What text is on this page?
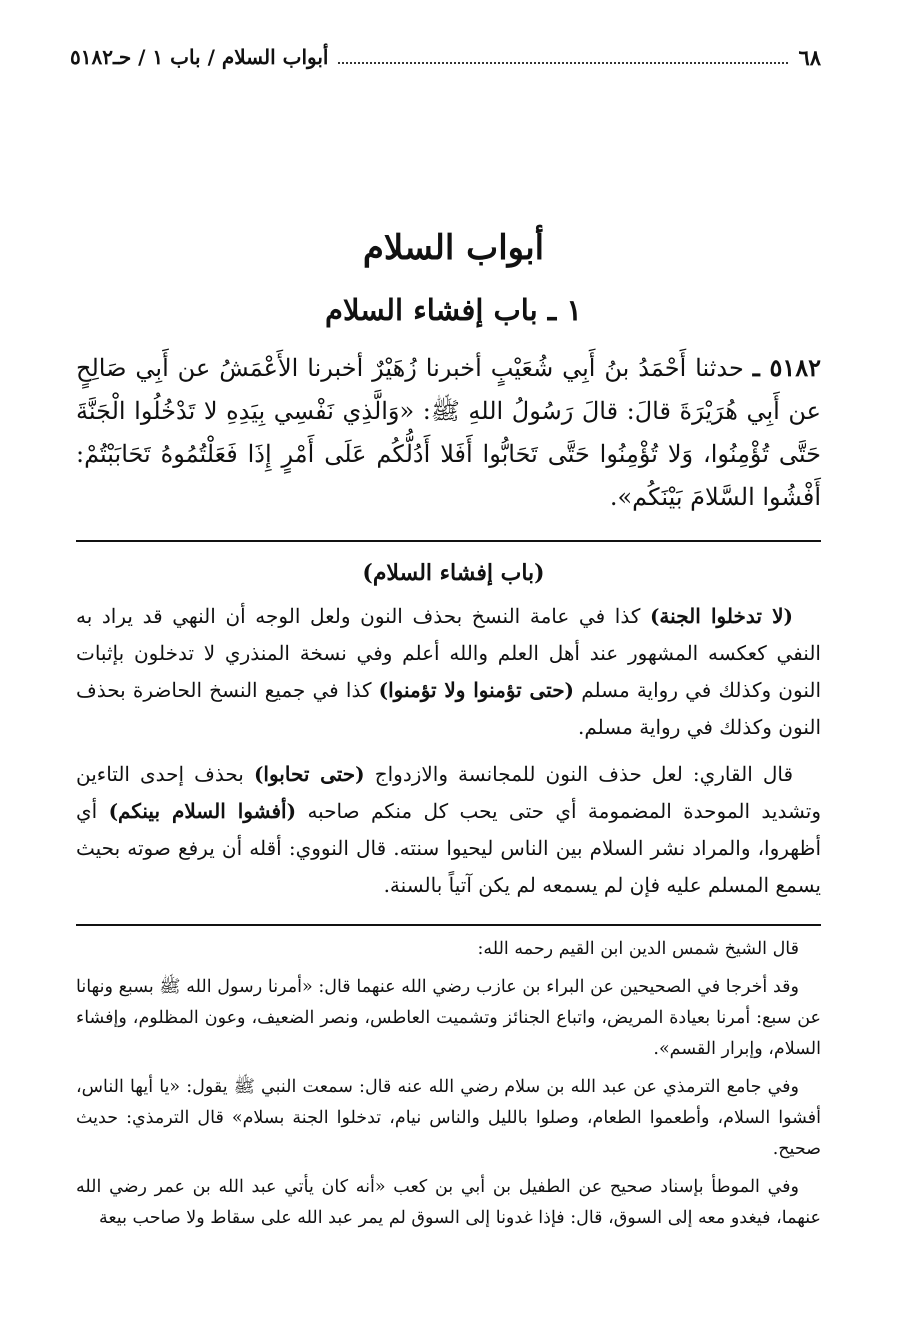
٦٨
أبواب السلام / باب ١ / حـ٥١٨٢
أبواب السلام
١ ـ باب إفشاء السلام
٥١٨٢ ـ حدثنا أَحْمَدُ بنُ أَبِي شُعَيْبٍ أخبرنا زُهَيْرٌ أخبرنا الأَعْمَشُ عن أَبِي صَالِحٍ عن أَبِي هُرَيْرَةَ قالَ: قالَ رَسُولُ اللهِ ﷺ: «وَالَّذِي نَفْسِي بِيَدِهِ لا تَدْخُلُوا الْجَنَّةَ حَتَّى تُؤْمِنُوا، وَلا تُؤْمِنُوا حَتَّى تَحَابُّوا أَفَلا أَدُلُّكُم عَلَى أَمْرٍ إِذَا فَعَلْتُمُوهُ تَحَابَبْتُمْ: أَفْشُوا السَّلامَ بَيْنَكُم».
(باب إفشاء السلام)

(لا تدخلوا الجنة) كذا في عامة النسخ بحذف النون ولعل الوجه أن النهي قد يراد به النفي كعكسه المشهور عند أهل العلم والله أعلم وفي نسخة المنذري لا تدخلون بإثبات النون وكذلك في رواية مسلم (حتى تؤمنوا ولا تؤمنوا) كذا في جميع النسخ الحاضرة بحذف النون وكذلك في رواية مسلم.

قال القاري: لعل حذف النون للمجانسة والازدواج (حتى تحابوا) بحذف إحدى التاءين وتشديد الموحدة المضمومة أي حتى يحب كل منكم صاحبه (أفشوا السلام بينكم) أي أظهروا، والمراد نشر السلام بين الناس ليحيوا سنته. قال النووي: أقله أن يرفع صوته بحيث يسمع المسلم عليه فإن لم يسمعه لم يكن آتياً بالسنة.

قال الشيخ شمس الدين ابن القيم رحمه الله:

وقد أخرجا في الصحيحين عن البراء بن عازب رضي الله عنهما قال: «أمرنا رسول الله ﷺ بسبع ونهانا عن سبع: أمرنا بعيادة المريض، واتباع الجنائز وتشميت العاطس، ونصر الضعيف، وعون المظلوم، وإفشاء السلام، وإبرار القسم».

وفي جامع الترمذي عن عبد الله بن سلام رضي الله عنه قال: سمعت النبي ﷺ يقول: «يا أيها الناس، أفشوا السلام، وأطعموا الطعام، وصلوا بالليل والناس نيام، تدخلوا الجنة بسلام» قال الترمذي: حديث صحيح.

وفي الموطأ بإسناد صحيح عن الطفيل بن أبي بن كعب «أنه كان يأتي عبد الله بن عمر رضي الله عنهما، فيغدو معه إلى السوق، قال: فإذا غدونا إلى السوق لم يمر عبد الله على سقاط ولا صاحب بيعة
